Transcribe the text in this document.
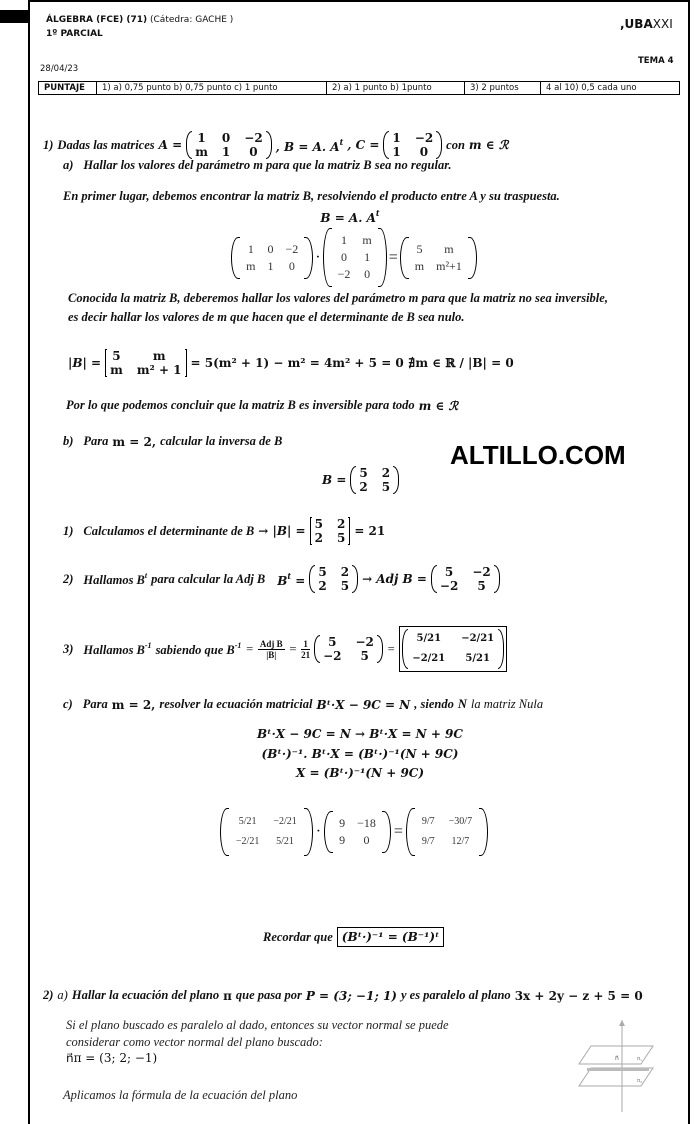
ÁLGEBRA (FCE) (71) (Cátedra: GACHE )
1º PARCIAL
,UBAXXI
TEMA 4
28/04/23
PUNTAJE	1) a) 0,75 punto b) 0,75 punto c) 1 punto	2) a) 1 punto b) 1punto	3) 2 puntos	4 al 10) 0,5 cada uno
1) Dadas las matrices A = 1 0 −2
m 1	0	, B = A. $A^t$ , C = 1 −2
1	0
con m ∈ ℛ
a) Hallar los valores del parámetro m para que la matriz B sea no regular.
En primer lugar, debemos encontrar la matriz B, resolviendo el producto entre A y su traspuesta.
B = A. $A^t$
1 0 −2
m 1 0 ·
1 m
0 1
−2 0
= 5	m
m m²+1
Conocida la matriz B, deberemos hallar los valores del parámetro m para que la matriz no sea inversible,
es decir hallar los valores de m que hacen que el determinante de B sea nulo.
|B| = 5	m
m m² + 1 = 5(m² + 1) − m² = 4m² + 5 = 0 ∄m ∈ ℝ / |B| = 0
Por lo que podemos concluir que la matriz B es inversible para todo m ∈ ℛ
b) Para m = 2, calcular la inversa de B	ALTILLO.COM
B = 5 2
2 5
1) Calculamos el determinante de B → |B| = 5 2
2 5 = 21
2) Hallamos $B^t$ para calcular la Adj B $B^t$ =
5 2
2 5 → Adj B =	5	−2
−2	5
3) Hallamos $B^{-1}$ sabiendo que $B^{-1} = \frac{\text{Adj B}}{|B|} = \frac{1}{21}$	5	−2
−2	5
=
5/21	−2/21
−2/21	5/21
c) Para m = 2, resolver la ecuación matricial Bᵗ·X − 9C = N , siendo N la matriz Nula
Bᵗ·X − 9C = N → Bᵗ·X = N + 9C
(Bᵗ·)⁻¹. Bᵗ·X = (Bᵗ·)⁻¹(N + 9C)
X = (Bᵗ·)⁻¹(N + 9C)
5/21	−2/21
−2/21	5/21
· 9 −18
9	0	=
9/7 −30/7
9/7	12/7
Recordar que (Bᵗ·)⁻¹ = (B⁻¹)ᵗ
2) a) Hallar la ecuación del plano π que pasa por P = (3; −1; 1) y es paralelo al plano 3x + 2y − z + 5 = 0
Si el plano buscado es paralelo al dado, entonces su vector normal se puede
considerar como vector normal del plano buscado:
n⃗π = (3; 2; −1)
Aplicamos la fórmula de la ecuación del plano
n⃗	π₁
π₂
